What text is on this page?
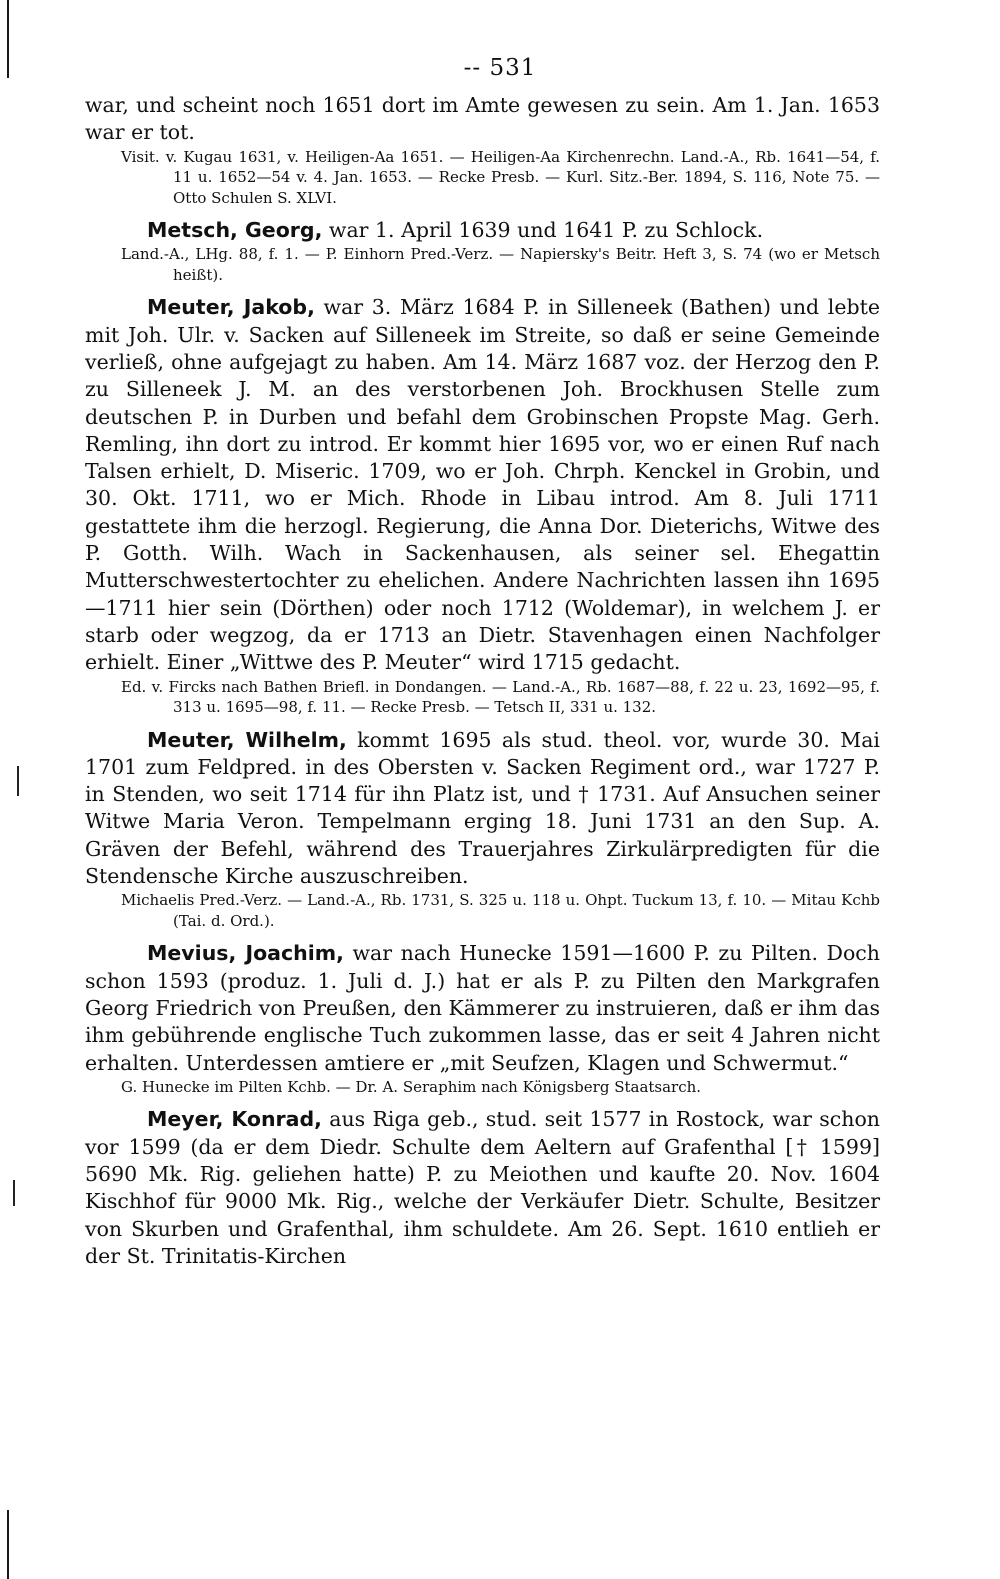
-- 531

war, und scheint noch 1651 dort im Amte gewesen zu sein. Am 1. Jan. 1653 war er tot.

Visit. v. Kugau 1631, v. Heiligen-Aa 1651. — Heiligen-Aa Kirchenrechn. Land.-A., Rb. 1641—54, f. 11 u. 1652—54 v. 4. Jan. 1653. — Recke Presb. — Kurl. Sitz.-Ber. 1894, S. 116, Note 75. — Otto Schulen S. XLVI.

Metsch, Georg, war 1. April 1639 und 1641 P. zu Schlock.

Land.-A., LHg. 88, f. 1. — P. Einhorn Pred.-Verz. — Napiersky's Beitr. Heft 3, S. 74 (wo er Metsch heißt).

Meuter, Jakob, war 3. März 1684 P. in Silleneek (Bathen) und lebte mit Joh. Ulr. v. Sacken auf Silleneek im Streite, so daß er seine Gemeinde verließ, ohne aufgejagt zu haben. Am 14. März 1687 voz. der Herzog den P. zu Silleneek J. M. an des verstorbenen Joh. Brockhusen Stelle zum deutschen P. in Durben und befahl dem Grobinschen Propste Mag. Gerh. Remling, ihn dort zu introd. Er kommt hier 1695 vor, wo er einen Ruf nach Talsen erhielt, D. Miseric. 1709, wo er Joh. Chrph. Kenckel in Grobin, und 30. Okt. 1711, wo er Mich. Rhode in Libau introd. Am 8. Juli 1711 gestattete ihm die herzogl. Regierung, die Anna Dor. Dieterichs, Witwe des P. Gotth. Wilh. Wach in Sackenhausen, als seiner sel. Ehegattin Mutterschwestertochter zu ehelichen. Andere Nachrichten lassen ihn 1695—1711 hier sein (Dörthen) oder noch 1712 (Woldemar), in welchem J. er starb oder wegzog, da er 1713 an Dietr. Stavenhagen einen Nachfolger erhielt. Einer „Wittwe des P. Meuter“ wird 1715 gedacht.

Ed. v. Fircks nach Bathen Briefl. in Dondangen. — Land.-A., Rb. 1687—88, f. 22 u. 23, 1692—95, f. 313 u. 1695—98, f. 11. — Recke Presb. — Tetsch II, 331 u. 132.

Meuter, Wilhelm, kommt 1695 als stud. theol. vor, wurde 30. Mai 1701 zum Feldpred. in des Obersten v. Sacken Regiment ord., war 1727 P. in Stenden, wo seit 1714 für ihn Platz ist, und † 1731. Auf Ansuchen seiner Witwe Maria Veron. Tempelmann erging 18. Juni 1731 an den Sup. A. Gräven der Befehl, während des Trauerjahres Zirkulärpredigten für die Stendensche Kirche auszuschreiben.

Michaelis Pred.-Verz. — Land.-A., Rb. 1731, S. 325 u. 118 u. Ohpt. Tuckum 13, f. 10. — Mitau Kchb (Tai. d. Ord.).

Mevius, Joachim, war nach Hunecke 1591—1600 P. zu Pilten. Doch schon 1593 (produz. 1. Juli d. J.) hat er als P. zu Pilten den Markgrafen Georg Friedrich von Preußen, den Kämmerer zu instruieren, daß er ihm das ihm gebührende englische Tuch zukommen lasse, das er seit 4 Jahren nicht erhalten. Unterdessen amtiere er „mit Seufzen, Klagen und Schwermut.“

G. Hunecke im Pilten Kchb. — Dr. A. Seraphim nach Königsberg Staatsarch.

Meyer, Konrad, aus Riga geb., stud. seit 1577 in Rostock, war schon vor 1599 (da er dem Diedr. Schulte dem Aeltern auf Grafenthal [† 1599] 5690 Mk. Rig. geliehen hatte) P. zu Meiothen und kaufte 20. Nov. 1604 Kischhof für 9000 Mk. Rig., welche der Verkäufer Dietr. Schulte, Besitzer von Skurben und Grafenthal, ihm schuldete. Am 26. Sept. 1610 entlieh er der St. Trinitatis-Kirchen
